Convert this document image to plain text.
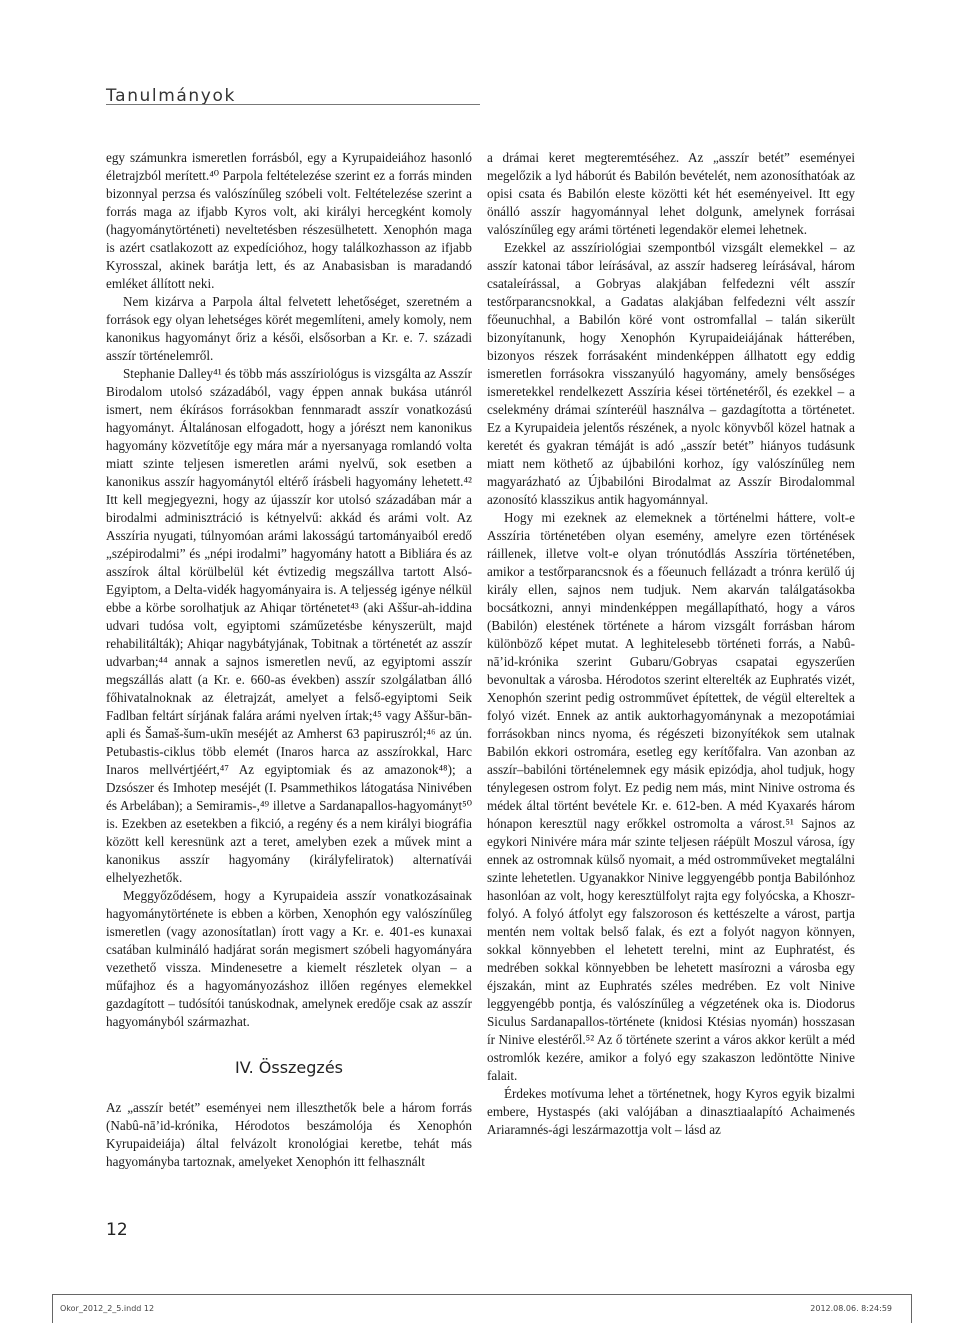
Tanulmányok

egy számunkra ismeretlen forrásból, egy a Kyrupaideiához hasonló életrajzból merített.⁴⁰ Parpola feltételezése szerint ez a forrás minden bizonnyal perzsa és valószínűleg szóbeli volt. Feltételezése szerint a forrás maga az ifjabb Kyros volt, aki királyi hercegként komoly (hagyománytörténeti) neveltetésben részesülhetett. Xenophón maga is azért csatlakozott az expedícióhoz, hogy találkozhasson az ifjabb Kyrosszal, akinek barátja lett, és az Anabasisban is maradandó emléket állított neki.

Nem kizárva a Parpola által felvetett lehetőséget, szeretném a források egy olyan lehetséges körét megemlíteni, amely komoly, nem kanonikus hagyományt őriz a késői, elsősorban a Kr. e. 7. századi asszír történelemről.

Stephanie Dalley⁴¹ és több más asszíriológus is vizsgálta az Asszír Birodalom utolsó századából, vagy éppen annak bukása utánról ismert, nem ékírásos forrásokban fennmaradt asszír vonatkozású hagyományt. Általánosan elfogadott, hogy a jórészt nem kanonikus hagyomány közvetítője egy mára már a nyersanyaga romlandó volta miatt szinte teljesen ismeretlen arámi nyelvű, sok esetben a kanonikus asszír hagyománytól eltérő írásbeli hagyomány lehetett.⁴² Itt kell megjegyezni, hogy az újasszír kor utolsó századában már a birodalmi adminisztráció is kétnyelvű: akkád és arámi volt. Az Asszíria nyugati, túlnyomóan arámi lakosságú tartományaiból eredő „szépirodalmi” és „népi irodalmi” hagyomány hatott a Bibliára és az asszírok által körülbelül két évtizedig megszállva tartott Alsó-Egyiptom, a Delta-vidék hagyományaira is. A teljesség igénye nélkül ebbe a körbe sorolhatjuk az Ahiqar történetet⁴³ (aki Aššur-ah-iddina udvari tudósa volt, egyiptomi száműzetésbe kényszerült, majd rehabilitálták); Ahiqar nagybátyjának, Tobitnak a történetét az asszír udvarban;⁴⁴ annak a sajnos ismeretlen nevű, az egyiptomi asszír megszállás alatt (a Kr. e. 660-as években) asszír szolgálatban álló főhivatalnoknak az életrajzát, amelyet a felső-egyiptomi Seik Fadlban feltárt sírjának falára arámi nyelven írtak;⁴⁵ vagy Aššur-bān-apli és Šamaš-šum-ukīn meséjét az Amherst 63 papiruszról;⁴⁶ az ún. Petubastis-ciklus több elemét (Inaros harca az asszírokkal, Harc Inaros mellvértjéért,⁴⁷ Az egyiptomiak és az amazonok⁴⁸); a Dzsószer és Imhotep meséjét (I. Psammethikos látogatása Ninivében és Arbelában); a Semiramis-,⁴⁹ illetve a Sardanapallos-hagyományt⁵⁰ is. Ezekben az esetekben a fikció, a regény és a nem királyi biográfia között kell keresnünk azt a teret, amelyben ezek a művek mint a kanonikus asszír hagyomány (királyfeliratok) alternatívái elhelyezhetők.

Meggyőződésem, hogy a Kyrupaideia asszír vonatkozásainak hagyománytörténete is ebben a körben, Xenophón egy valószínűleg ismeretlen (vagy azonosítatlan) írott vagy a Kr. e. 401-es kunaxai csatában kulmináló hadjárat során megismert szóbeli hagyományára vezethető vissza. Mindenesetre a kiemelt részletek olyan – a műfajhoz és a hagyományozáshoz illően regényes elemekkel gazdagított – tudósítói tanúskodnak, amelynek eredője csak az asszír hagyományból származhat.

IV. Összegzés

Az „asszír betét” eseményei nem illeszthetők bele a három forrás (Nabû-nā’id-krónika, Hérodotos beszámolója és Xenophón Kyrupaideiája) által felvázolt kronológiai keretbe, tehát más hagyományba tartoznak, amelyeket Xenophón itt felhasznált

a drámai keret megteremtéséhez. Az „asszír betét” eseményei megelőzik a lyd háborút és Babilón bevételét, nem azonosíthatóak az opisi csata és Babilón eleste közötti két hét eseményeivel. Itt egy önálló asszír hagyománnyal lehet dolgunk, amelynek forrásai valószínűleg egy arámi történeti legendakör elemei lehetnek.

Ezekkel az asszíriológiai szempontból vizsgált elemekkel – az asszír katonai tábor leírásával, az asszír hadsereg leírásával, három csataleírással, a Gobryas alakjában felfedezni vélt asszír testőrparancsnokkal, a Gadatas alakjában felfedezni vélt asszír főeunuchhal, a Babilón köré vont ostromfallal – talán sikerült bizonyítanunk, hogy Xenophón Kyrupaideiájának hátterében, bizonyos részek forrásaként mindenképpen állhatott egy eddig ismeretlen forrásokra visszanyúló hagyomány, amely bensőséges ismeretekkel rendelkezett Asszíria kései történetéről, és ezekkel – a cselekmény drámai színteréül használva – gazdagította a történetet. Ez a Kyrupaideia jelentős részének, a nyolc könyvből közel hatnak a keretét és gyakran témáját is adó „asszír betét” hiányos tudásunk miatt nem köthető az újbabilóni korhoz, így valószínűleg nem magyarázható az Újbabilóni Birodalmat az Asszír Birodalommal azonosító klasszikus antik hagyománnyal.

Hogy mi ezeknek az elemeknek a történelmi háttere, volt-e Asszíria történetében olyan esemény, amelyre ezen történések ráillenek, illetve volt-e olyan trónutódlás Asszíria történetében, amikor a testőrparancsnok és a főeunuch fellázadt a trónra kerülő új király ellen, sajnos nem tudjuk. Nem akarván találgatásokba bocsátkozni, annyi mindenképpen megállapítható, hogy a város (Babilón) elestének története a három vizsgált forrásban három különböző képet mutat. A leghitelesebb történeti forrás, a Nabû-nā’id-krónika szerint Gubaru/Gobryas csapatai egyszerűen bevonultak a városba. Hérodotos szerint elterelték az Euphratés vizét, Xenophón szerint pedig ostromművet építettek, de végül eltereltek a folyó vizét. Ennek az antik auktorhagyománynak a mezopotámiai forrásokban nincs nyoma, és régészeti bizonyítékok sem utalnak Babilón ekkori ostromára, esetleg egy kerítőfalra. Van azonban az asszír–babilóni történelemnek egy másik epizódja, ahol tudjuk, hogy ténylegesen ostrom folyt. Ez pedig nem más, mint Ninive ostroma és médek által történt bevétele Kr. e. 612-ben. A méd Kyaxarés három hónapon keresztül nagy erőkkel ostromolta a várost.⁵¹ Sajnos az egykori Ninivére mára már szinte teljesen ráépült Moszul városa, így ennek az ostromnak külső nyomait, a méd ostromműveket megtalálni szinte lehetetlen. Ugyanakkor Ninive leggyengébb pontja Babilónhoz hasonlóan az volt, hogy keresztülfolyt rajta egy folyócska, a Khoszr-folyó. A folyó átfolyt egy falszoroson és kettészelte a várost, partja mentén nem voltak belső falak, és ezt a folyót nagyon könnyen, sokkal könnyebben el lehetett terelni, mint az Euphratést, és medrében sokkal könnyebben be lehetett masírozni a városba egy éjszakán, mint az Euphratés széles medrében. Ez volt Ninive leggyengébb pontja, és valószínűleg a végzetének oka is. Diodorus Siculus Sardanapallos-története (knidosi Ktésias nyomán) hosszasan ír Ninive elestéről.⁵² Az ő története szerint a város akkor került a méd ostromlók kezére, amikor a folyó egy szakaszon ledöntötte Ninive falait.

Érdekes motívuma lehet a történetnek, hogy Kyros egyik bizalmi embere, Hystaspés (aki valójában a dinasztiaalapító Achaimenés Ariaramnés-ági leszármazottja volt – lásd az

12
Okor_2012_2_5.indd 12	2012.08.06. 8:24:59
